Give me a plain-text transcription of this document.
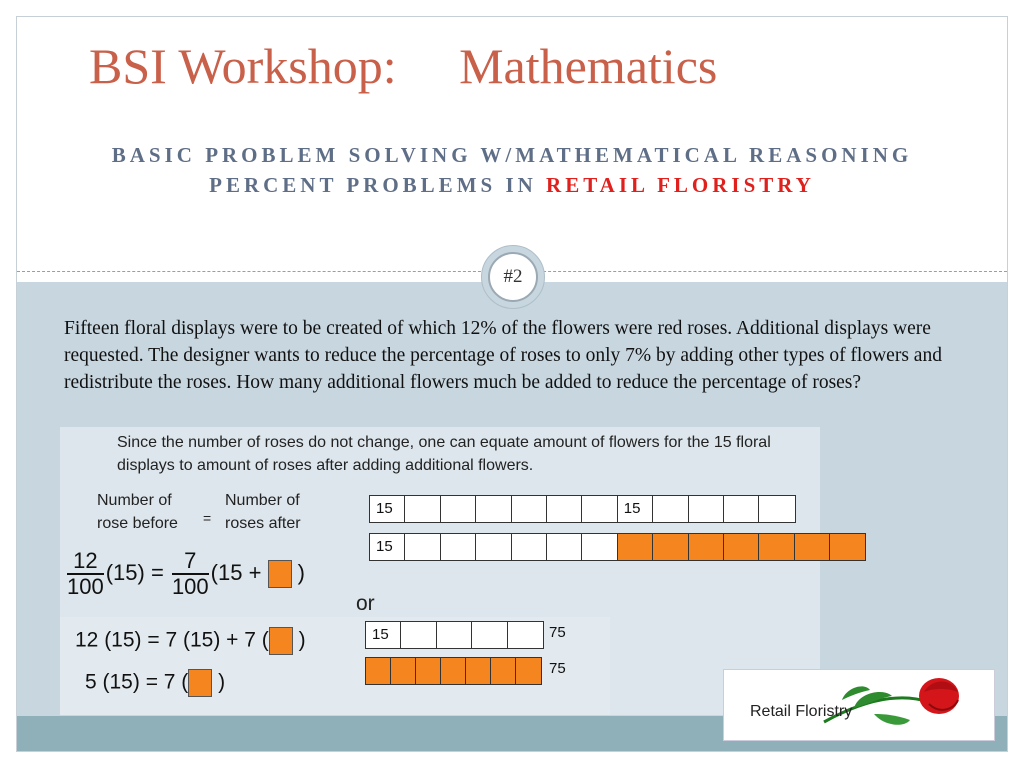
BSI Workshop:     Mathematics
BASIC PROBLEM SOLVING W/MATHEMATICAL REASONING
PERCENT PROBLEMS IN RETAIL FLORISTRY
#2
Fifteen floral displays were to be created of which 12% of the flowers were red roses. Additional displays were requested. The designer wants to reduce the percentage of roses to only 7% by adding other types of flowers and redistribute the roses. How many additional flowers much be added to reduce the percentage of roses?
Since the number of roses do not change, one can equate amount of flowers for the 15 floral displays to amount of roses after adding additional flowers.
Number of rose before	=
Number of roses after
$\frac{12}{100} (15) = \frac{7}{100} (15$ + )
or
12 (15) = 7 (15) + 7 ( )
5 (15) = 7 ( )
15	15
15
15	75
75
Retail Floristry
